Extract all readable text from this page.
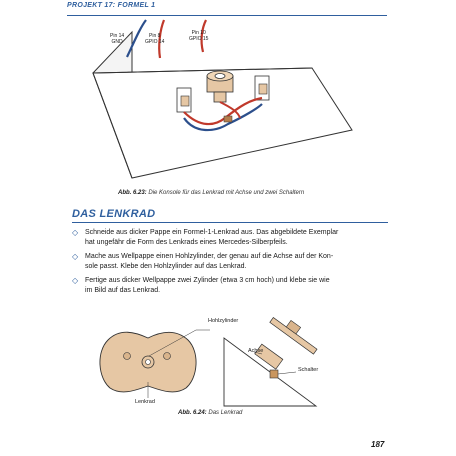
PROJEKT 17: FORMEL 1
Pin 14
GND
Pin 8
GPIO 14
Pin 10
GPIO 15
Abb. 6.23: Die Konsole für das Lenkrad mit Achse und zwei Schaltern
DAS LENKRAD
◇ Schneide aus dicker Pappe ein Formel-1-Lenkrad aus. Das abgebildete Exemplar
hat ungefähr die Form des Lenkrads eines Mercedes-Silberpfeils.
◇ Mache aus Wellpappe einen Hohlzylinder, der genau auf die Achse auf der Kon-
sole passt. Klebe den Hohlzylinder auf das Lenkrad.
◇ Fertige aus dicker Wellpappe zwei Zylinder (etwa 3 cm hoch) und klebe sie wie
im Bild auf das Lenkrad.
Hohlzylinder
Achse
Schalter
Lenkrad
Abb. 6.24: Das Lenkrad
187
